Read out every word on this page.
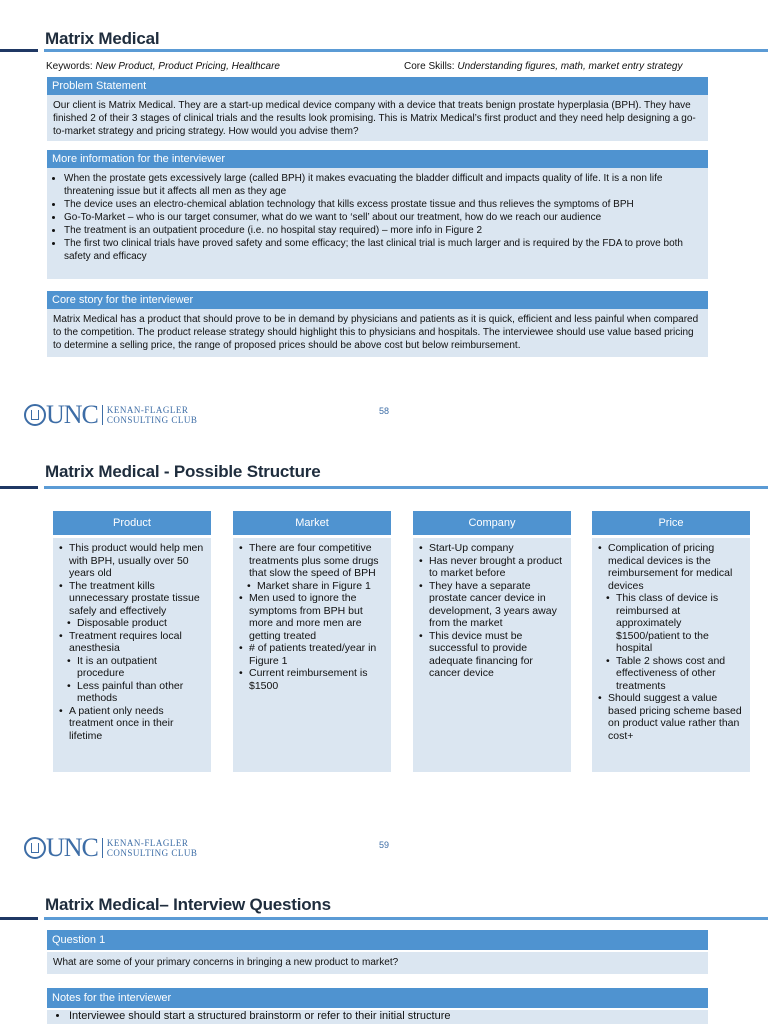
Matrix Medical
Keywords: New Product, Product Pricing, Healthcare	Core Skills: Understanding figures, math, market entry strategy
Problem Statement
Our client is Matrix Medical. They are a start-up medical device company with a device that treats benign prostate hyperplasia (BPH). They have finished 2 of their 3 stages of clinical trials and the results look promising. This is Matrix Medical’s first product and they need help designing a go-to-market strategy and pricing strategy. How would you advise them?
More information for the interviewer
• When the prostate gets excessively large (called BPH) it makes evacuating the bladder difficult and impacts quality of life. It is a non life threatening issue but it affects all men as they age
• The device uses an electro-chemical ablation technology that kills excess prostate tissue and thus relieves the symptoms of BPH
• Go-To-Market – who is our target consumer, what do we want to ‘sell’ about our treatment, how do we reach our audience
• The treatment is an outpatient procedure (i.e. no hospital stay required) – more info in Figure 2
• The first two clinical trials have proved safety and some efficacy; the last clinical trial is much larger and is required by the FDA to prove both safety and efficacy
Core story for the interviewer
Matrix Medical has a product that should prove to be in demand by physicians and patients as it is quick, efficient and less painful when compared to the competition. The product release strategy should highlight this to physicians and hospitals. The interviewee should use value based pricing to determine a selling price, the range of proposed prices should be above cost but below reimbursement.
UNC KENAN-FLAGLER
CONSULTING CLUB
58
Matrix Medical - Possible Structure
Product
• This product would help men with BPH, usually over 50 years old
• The treatment kills unnecessary prostate tissue safely and effectively
• Disposable product
• Treatment requires local anesthesia
• It is an outpatient procedure
• Less painful than other methods
• A patient only needs treatment once in their lifetime
Market
• There are four competitive treatments plus some drugs that slow the speed of BPH
• Market share in Figure 1
• Men used to ignore the symptoms from BPH but more and more men are getting treated
• # of patients treated/year in Figure 1
• Current reimbursement is $1500
Company
• Start-Up company
• Has never brought a product to market before
• They have a separate prostate cancer device in development, 3 years away from the market
• This device must be successful to provide adequate financing for cancer device
Price
• Complication of pricing medical devices is the reimbursement for medical devices
• This class of device is reimbursed at approximately $1500/patient to the hospital
• Table 2 shows cost and effectiveness of other treatments
• Should suggest a value based pricing scheme based on product value rather than cost+
UNC KENAN-FLAGLER
CONSULTING CLUB
59
Matrix Medical– Interview Questions
Question 1
What are some of your primary concerns in bringing a new product to market?
Notes for the interviewer
• Interviewee should start a structured brainstorm or refer to their initial structure
